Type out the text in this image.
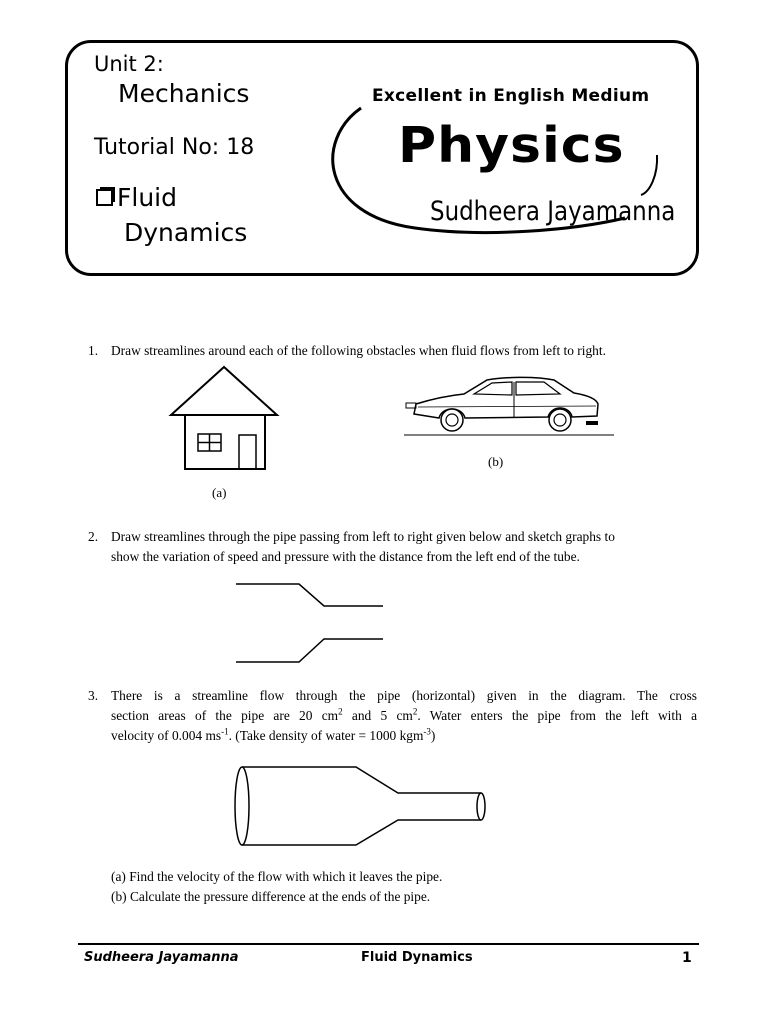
Unit 2:
Mechanics
Tutorial No: 18
Fluid
Dynamics
Excellent in English Medium
Physics
Sudheera Jayamanna
1. Draw streamlines around each of the following obstacles when fluid flows from left to right.
(a)
(b)
2. Draw streamlines through the pipe passing from left to right given below and sketch graphs to
show the variation of speed and pressure with the distance from the left end of the tube.
3. There is a streamline flow through the pipe (horizontal) given in the diagram. The cross
section areas of the pipe are 20 $cm^2$ and 5 $cm^2$. Water enters the pipe from the left with a
velocity of 0.004 $ms^{-1}$. (Take density of water = 1000 kgm$^{-3}$)
(a) Find the velocity of the flow with which it leaves the pipe.
(b) Calculate the pressure difference at the ends of the pipe.
Sudheera Jayamanna	Fluid Dynamics	1
